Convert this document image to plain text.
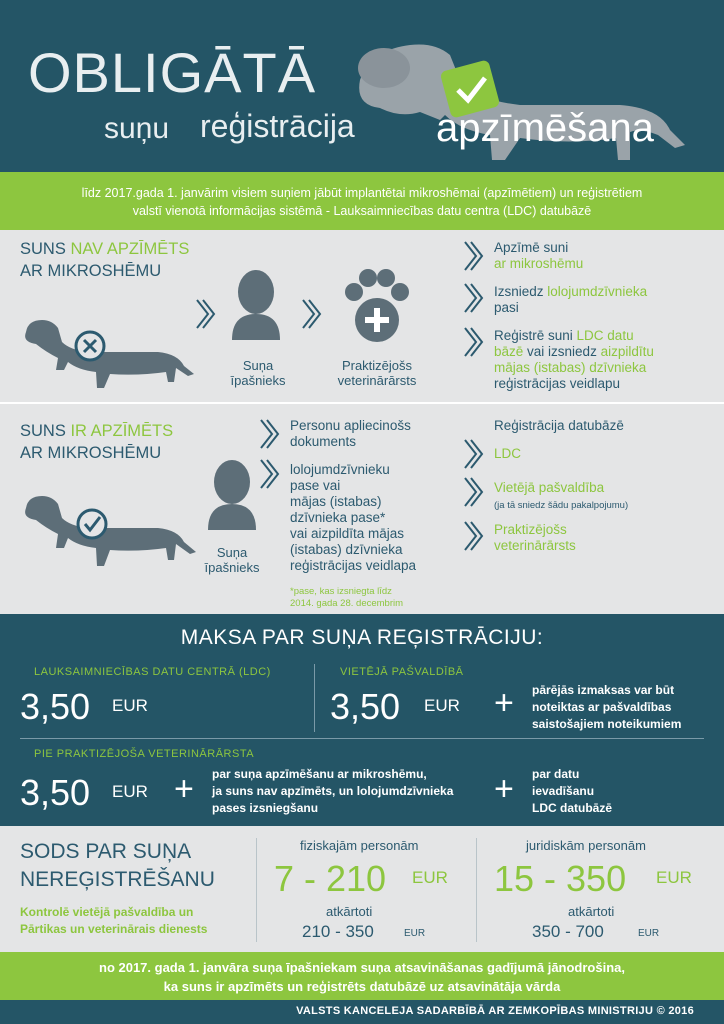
OBLIGĀTĀ
suņu reģistrācija apzīmēšana

līdz 2017.gada 1. janvārim visiem suņiem jābūt implantētai mikroshēmai (apzīmētiem) un reģistrētiem

valstī vienotā informācijas sistēmā - Lauksaimniecības datu centra (LDC) datubāzē

SUNS NAV APZĪMĒTS
AR MIKROSHĒMU
Suņa
īpašnieks
Praktizējošs
veterinārārsts
Apzīmē suni
ar mikroshēmu
Izsniedz lolojumdzīvnieka
pasi
Reģistrē suni LDC datu
bāzē vai izsniedz aizpildītu
mājas (istabas) dzīvnieka
reģistrācijas veidlapu
SUNS IR APZĪMĒTS
AR MIKROSHĒMU
Suņa
īpašnieks
Personu apliecinošs
dokuments
lolojumdzīvnieku
pase vai
mājas (istabas)
dzīvnieka pase*
vai aizpildīta mājas
(istabas) dzīvnieka
reģistrācijas veidlapa
*pase, kas izsniegta līdz
2014. gada 28. decembrim
Reģistrācija datubāzē
LDC
Vietējā pašvaldība
(ja tā sniedz šādu pakalpojumu)
Praktizējošs
veterinārārsts
MAKSA PAR SUŅA REĢISTRĀCIJU:
LAUKSAIMNIECĪBAS DATU CENTRĀ (LDC)
3,50 EUR
VIETĒJĀ PAŠVALDĪBĀ
3,50 EUR + pārējās izmaksas var būt
noteiktas ar pašvaldības
saistošajiem noteikumiem
PIE PRAKTIZĒJOŠA VETERINĀRĀRSTA
3,50 EUR + par suņa apzīmēšanu ar mikroshēmu,
ja suns nav apzīmēts, un lolojumdzīvnieka
pases izsniegšanu	+ par datu
ievadīšanu
LDC datubāzē
SODS PAR SUŅA
NEREĢISTRĒŠANU
Kontrolē vietējā pašvaldība un
Pārtikas un veterinārais dienests
fiziskajām personām
7 - 210 EUR
atkārtoti
210 - 350	EUR
juridiskām personām
15 - 350 EUR
atkārtoti
350 - 700	EUR

no 2017. gada 1. janvāra suņa īpašniekam suņa atsavināšanas gadījumā jānodrošina,

ka suns ir apzīmēts un reģistrēts datubāzē uz atsavinātāja vārda

VALSTS KANCELEJA SADARBĪBĀ AR ZEMKOPĪBAS MINISTRIJU © 2016
